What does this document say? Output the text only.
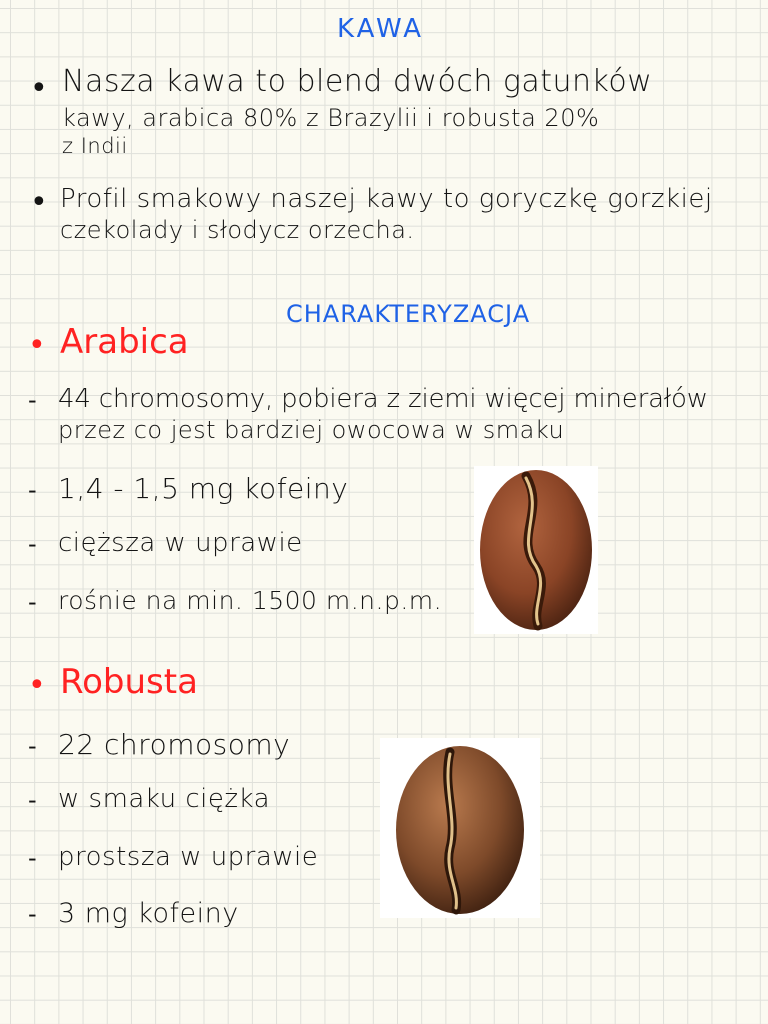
KAWA
• Nasza kawa to blend dwóch gatunków
kawy, arabica 80% z Brazylii i robusta 20%
z Indii
• Profil smakowy naszej kawy to goryczkę gorzkiej
czekolady i słodycz orzecha.
CHARAKTERYZACJA
• Arabica
- 44 chromosomy, pobiera z ziemi więcej minerałów
przez co jest bardziej owocowa w smaku
- 1,4 - 1,5 mg kofeiny
- cięższa w uprawie
- rośnie na min. 1500 m.n.p.m.
• Robusta
- 22 chromosomy
- w smaku ciężka
- prostsza w uprawie
- 3 mg kofeiny
